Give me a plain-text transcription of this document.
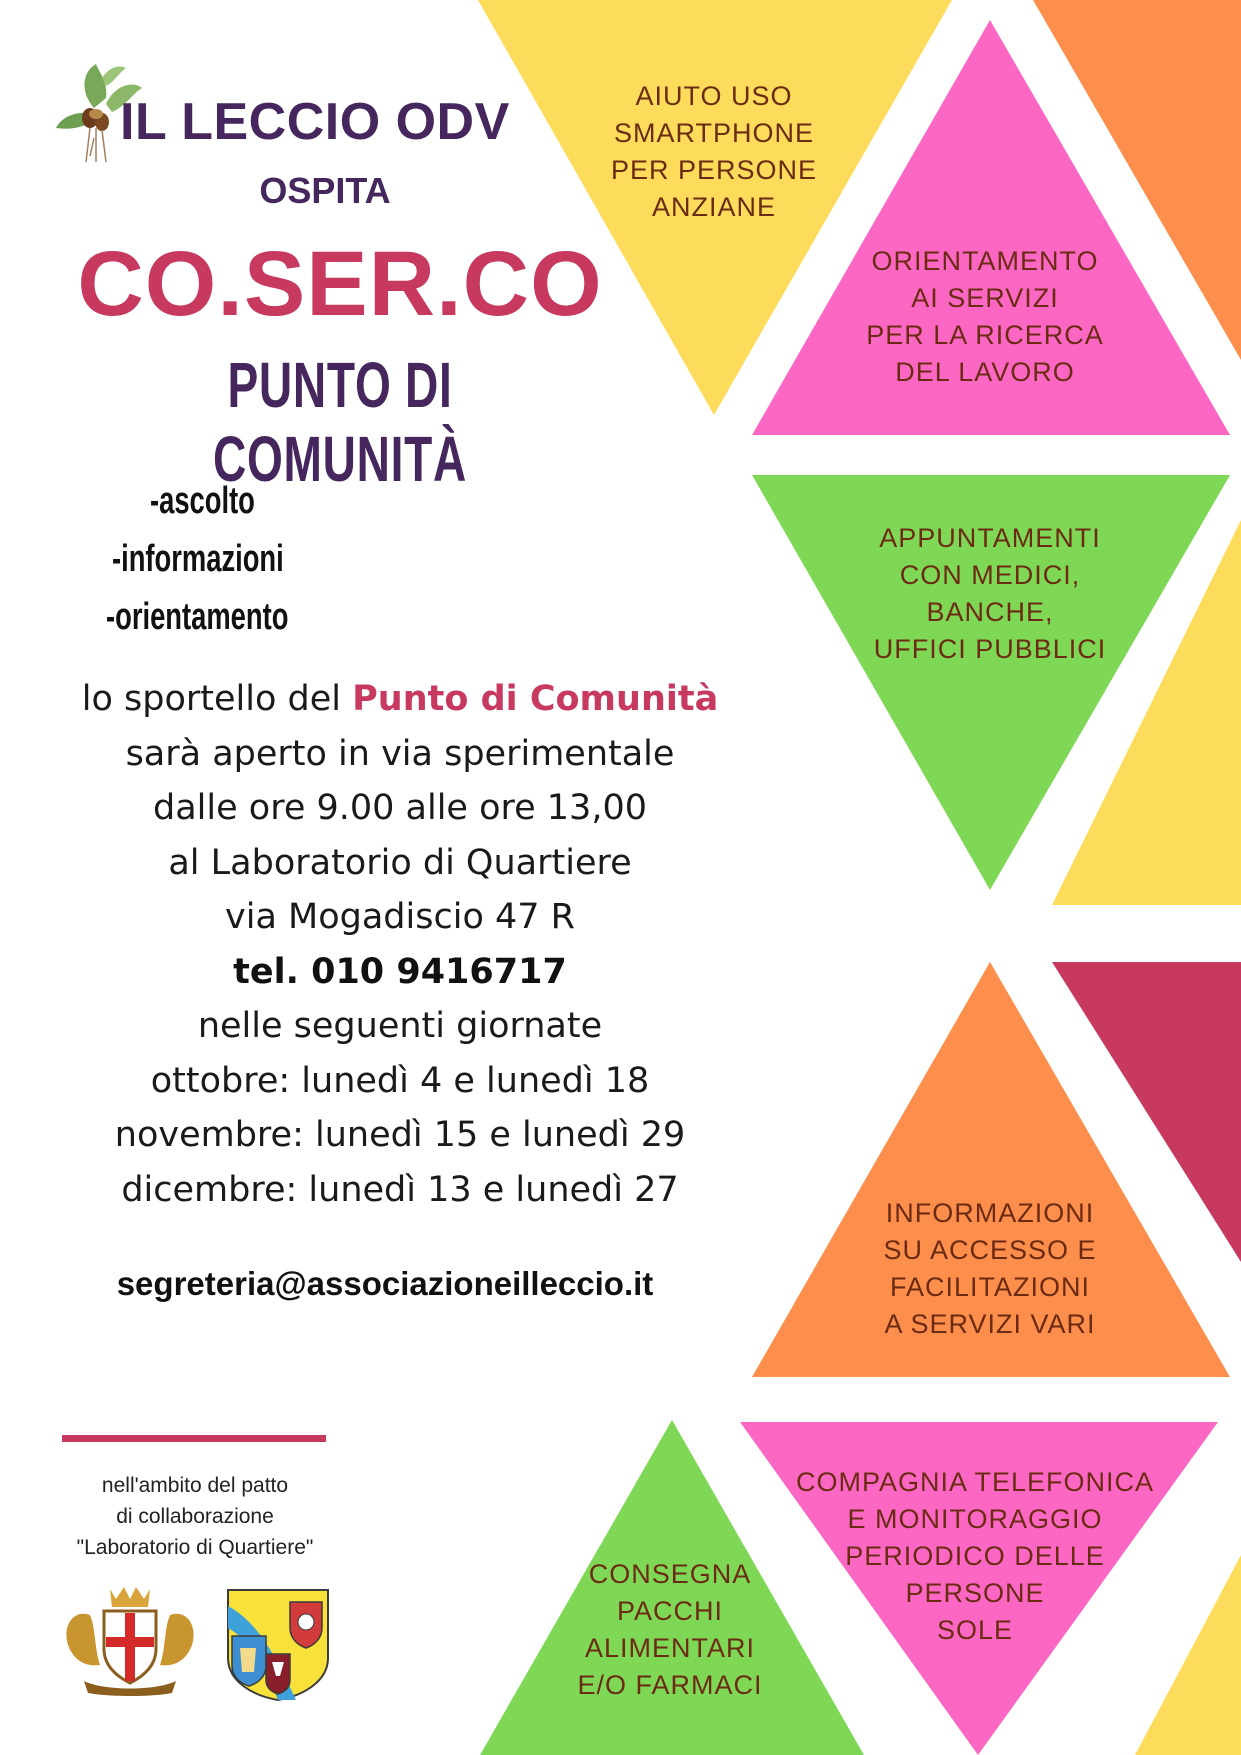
IL LECCIO ODV
OSPITA
CO.SER.CO
PUNTO DI COMUNITÀ
-ascolto
-informazioni
-orientamento
lo sportello del Punto di Comunità
sarà aperto in via sperimentale
dalle ore 9.00 alle ore 13,00
al Laboratorio di Quartiere
via Mogadiscio 47 R
tel. 010 9416717
nelle seguenti giornate
ottobre: lunedì 4 e lunedì 18
novembre: lunedì 15 e lunedì 29
dicembre: lunedì 13 e lunedì 27
segreteria@associazioneilleccio.it
nell'ambito del patto
di collaborazione
"Laboratorio di Quartiere"
AIUTO USO
SMARTPHONE
PER PERSONE
ANZIANE
ORIENTAMENTO
AI SERVIZI
PER LA RICERCA
DEL LAVORO
APPUNTAMENTI
CON MEDICI,
BANCHE,
UFFICI PUBBLICI
INFORMAZIONI
SU ACCESSO E
FACILITAZIONI
A SERVIZI VARI
COMPAGNIA TELEFONICA
E MONITORAGGIO
PERIODICO DELLE
PERSONE
SOLE
CONSEGNA
PACCHI
ALIMENTARI
E/O FARMACI
